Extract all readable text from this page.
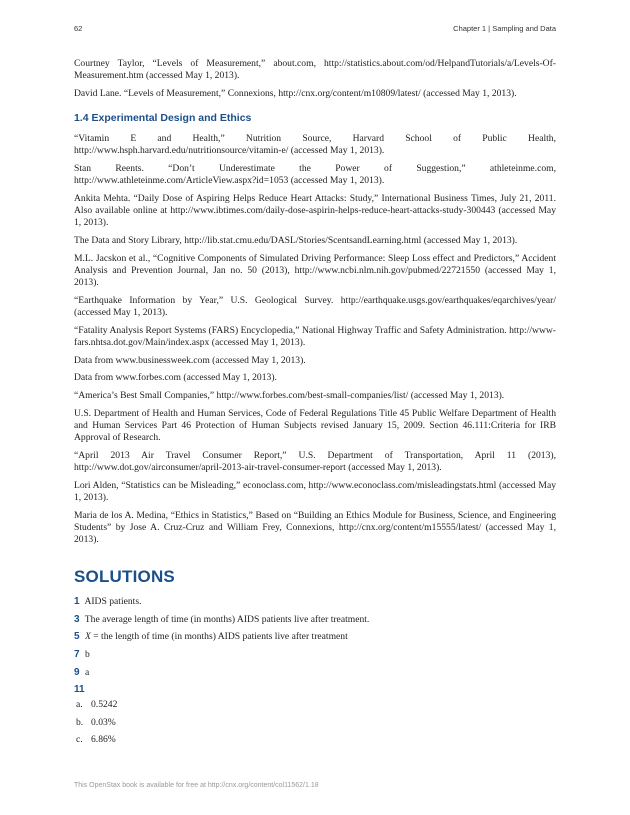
62	Chapter 1 | Sampling and Data

Courtney Taylor, “Levels of Measurement,” about.com, http://statistics.about.com/od/HelpandTutorials/a/Levels-Of-Measurement.htm (accessed May 1, 2013).

David Lane. “Levels of Measurement,” Connexions, http://cnx.org/content/m10809/latest/ (accessed May 1, 2013).

1.4 Experimental Design and Ethics

“Vitamin E and Health,” Nutrition Source, Harvard School of Public Health, http://www.hsph.harvard.edu/nutritionsource/vitamin-e/ (accessed May 1, 2013).

Stan Reents. “Don’t Underestimate the Power of Suggestion,” athleteinme.com, http://www.athleteinme.com/ArticleView.aspx?id=1053 (accessed May 1, 2013).

Ankita Mehta. “Daily Dose of Aspiring Helps Reduce Heart Attacks: Study,” International Business Times, July 21, 2011. Also available online at http://www.ibtimes.com/daily-dose-aspirin-helps-reduce-heart-attacks-study-300443 (accessed May 1, 2013).

The Data and Story Library, http://lib.stat.cmu.edu/DASL/Stories/ScentsandLearning.html (accessed May 1, 2013).

M.L. Jacskon et al., “Cognitive Components of Simulated Driving Performance: Sleep Loss effect and Predictors,” Accident Analysis and Prevention Journal, Jan no. 50 (2013), http://www.ncbi.nlm.nih.gov/pubmed/22721550 (accessed May 1, 2013).

“Earthquake Information by Year,” U.S. Geological Survey. http://earthquake.usgs.gov/earthquakes/eqarchives/year/ (accessed May 1, 2013).

“Fatality Analysis Report Systems (FARS) Encyclopedia,” National Highway Traffic and Safety Administration. http://www-fars.nhtsa.dot.gov/Main/index.aspx (accessed May 1, 2013).

Data from www.businessweek.com (accessed May 1, 2013).

Data from www.forbes.com (accessed May 1, 2013).

“America’s Best Small Companies,” http://www.forbes.com/best-small-companies/list/ (accessed May 1, 2013).

U.S. Department of Health and Human Services, Code of Federal Regulations Title 45 Public Welfare Department of Health and Human Services Part 46 Protection of Human Subjects revised January 15, 2009. Section 46.111:Criteria for IRB Approval of Research.

“April 2013 Air Travel Consumer Report,” U.S. Department of Transportation, April 11 (2013), http://www.dot.gov/airconsumer/april-2013-air-travel-consumer-report (accessed May 1, 2013).

Lori Alden, “Statistics can be Misleading,” econoclass.com, http://www.econoclass.com/misleadingstats.html (accessed May 1, 2013).

Maria de los A. Medina, “Ethics in Statistics,” Based on “Building an Ethics Module for Business, Science, and Engineering Students” by Jose A. Cruz-Cruz and William Frey, Connexions, http://cnx.org/content/m15555/latest/ (accessed May 1, 2013).

SOLUTIONS
1 AIDS patients.
3 The average length of time (in months) AIDS patients live after treatment.
5 X = the length of time (in months) AIDS patients live after treatment
7 b
9 a
11
a. 0.5242
b. 0.03%
c. 6.86%
This OpenStax book is available for free at http://cnx.org/content/col11562/1.18
